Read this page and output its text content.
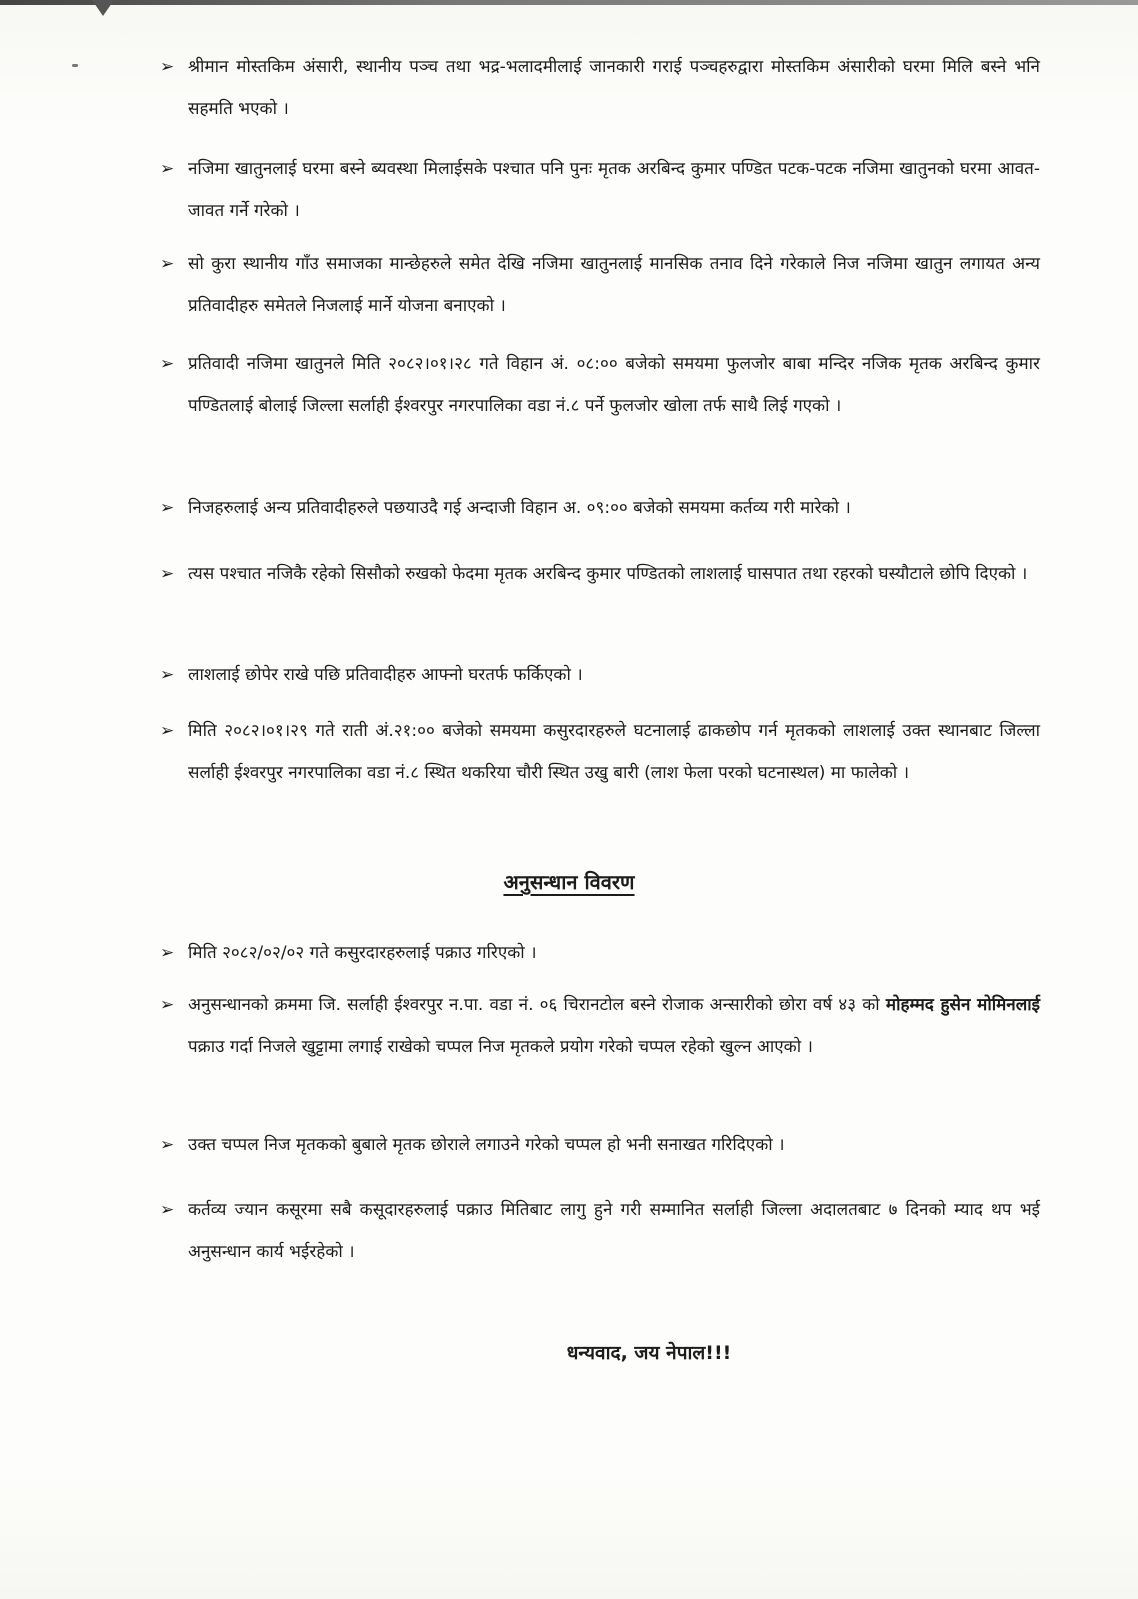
➢ श्रीमान मोस्तकिम अंसारी, स्थानीय पञ्च तथा भद्र-भलादमीलाई जानकारी गराई पञ्चहरुद्वारा मोस्तकिम अंसारीको घरमा मिलि बस्ने भनि सहमति भएको ।
➢ नजिमा खातुनलाई घरमा बस्ने ब्यवस्था मिलाईसके पश्चात पनि पुनः मृतक अरबिन्द कुमार पण्डित पटक-पटक नजिमा खातुनको घरमा आवत-जावत गर्ने गरेको ।
➢ सो कुरा स्थानीय गाँउ समाजका मान्छेहरुले समेत देखि नजिमा खातुनलाई मानसिक तनाव दिने गरेकाले निज नजिमा खातुन लगायत अन्य प्रतिवादीहरु समेतले निजलाई मार्ने योजना बनाएको ।
➢ प्रतिवादी नजिमा खातुनले मिति २०८२।०१।२८ गते विहान अं. ०८:०० बजेको समयमा फुलजोर बाबा मन्दिर नजिक मृतक अरबिन्द कुमार पण्डितलाई बोलाई जिल्ला सर्लाही ईश्वरपुर नगरपालिका वडा नं.८ पर्ने फुलजोर खोला तर्फ साथै लिई गएको ।
➢ निजहरुलाई अन्य प्रतिवादीहरुले पछयाउदै गई अन्दाजी विहान अ. ०९:०० बजेको समयमा कर्तव्य गरी मारेको ।
➢ त्यस पश्चात नजिकै रहेको सिसौको रुखको फेदमा मृतक अरबिन्द कुमार पण्डितको लाशलाई घासपात तथा रहरको घस्यौटाले छोपि दिएको ।
➢ लाशलाई छोपेर राखे पछि प्रतिवादीहरु आफ्नो घरतर्फ फर्किएको ।
➢ मिति २०८२।०१।२९ गते राती अं.२१:०० बजेको समयमा कसुरदारहरुले घटनालाई ढाकछोप गर्न मृतकको लाशलाई उक्त स्थानबाट जिल्ला सर्लाही ईश्वरपुर नगरपालिका वडा नं.८ स्थित थकरिया चौरी स्थित उखु बारी (लाश फेला परको घटनास्थल) मा फालेको ।
अनुसन्धान विवरण
➢ मिति २०८२/०२/०२ गते कसुरदारहरुलाई पक्राउ गरिएको ।
➢ अनुसन्धानको क्रममा जि. सर्लाही ईश्वरपुर न.पा. वडा नं. ०६ चिरानटोल बस्ने रोजाक अन्सारीको छोरा वर्ष ४३ को मोहम्मद हुसेन मोमिनलाई पक्राउ गर्दा निजले खुट्टामा लगाई राखेको चप्पल निज मृतकले प्रयोग गरेको चप्पल रहेको खुल्न आएको ।
➢ उक्त चप्पल निज मृतकको बुबाले मृतक छोराले लगाउने गरेको चप्पल हो भनी सनाखत गरिदिएको ।
➢ कर्तव्य ज्यान कसूरमा सबै कसूदारहरुलाई पक्राउ मितिबाट लागु हुने गरी सम्मानित सर्लाही जिल्ला अदालतबाट ७ दिनको म्याद थप भई अनुसन्धान कार्य भईरहेको ।
धन्यवाद, जय नेपाल!!!
